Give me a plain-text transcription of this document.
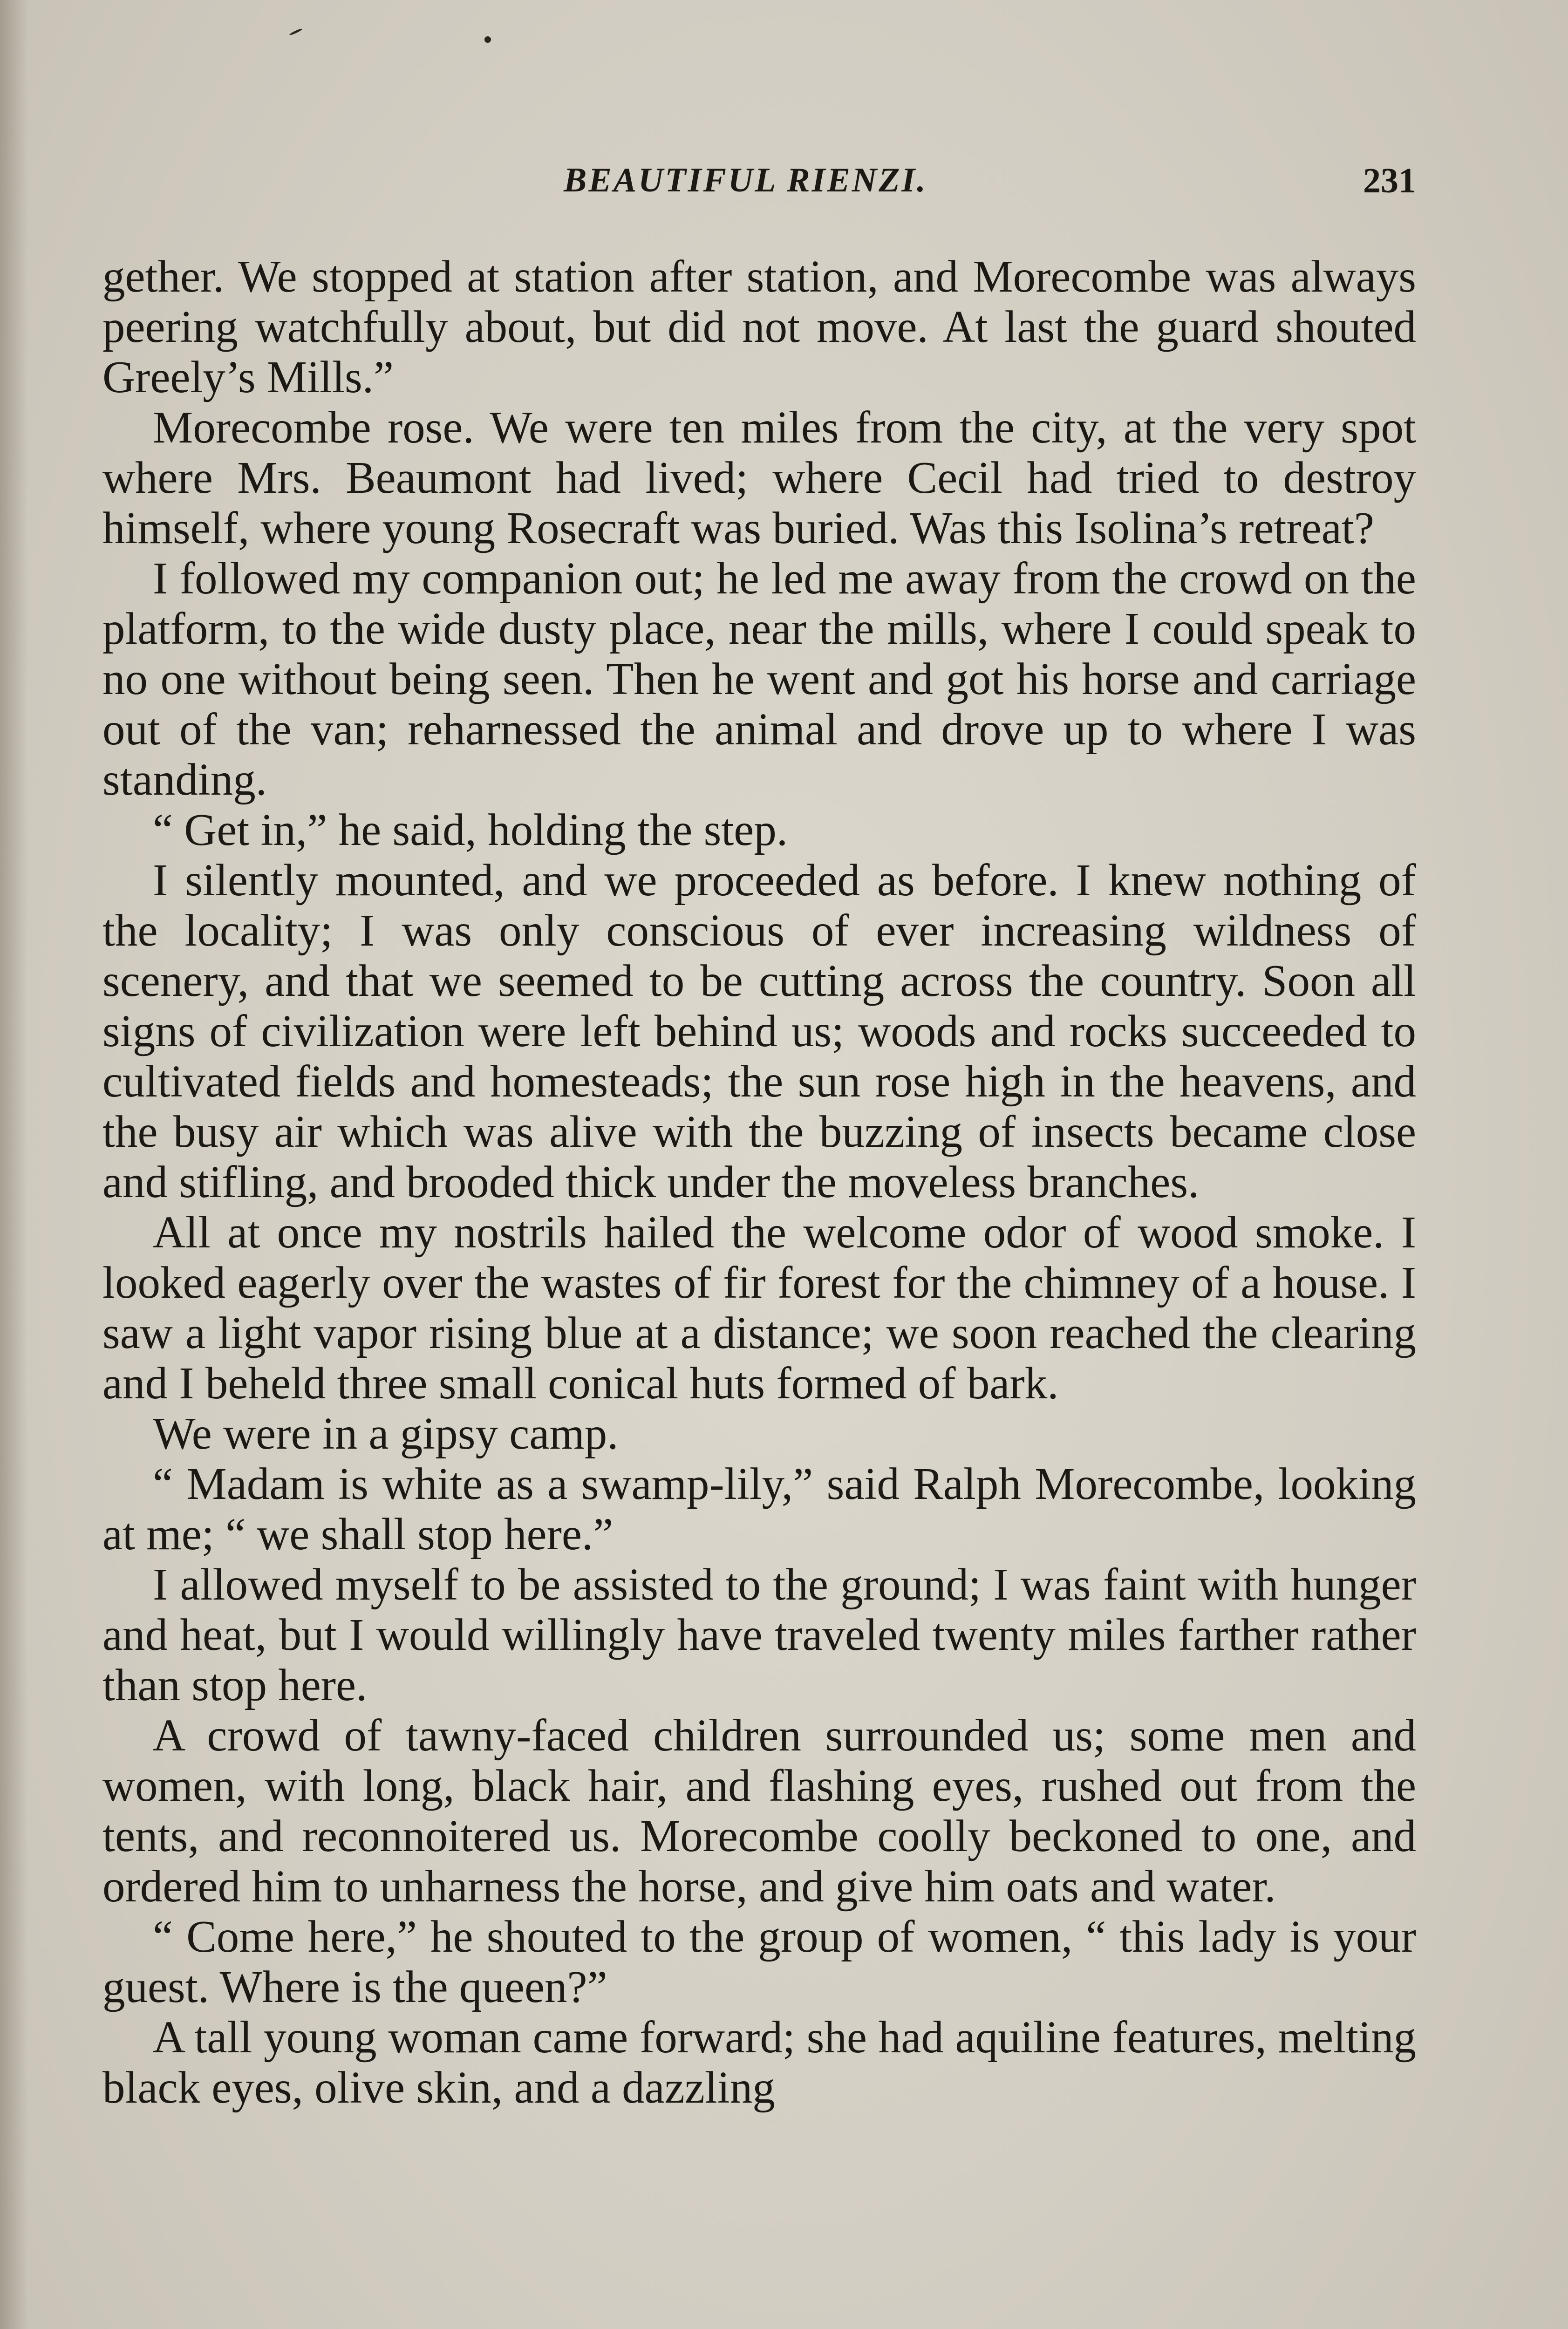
BEAUTIFUL RIENZI.	231

gether. We stopped at station after station, and Morecombe was always peering watchfully about, but did not move. At last the guard shouted Greely’s Mills.”

Morecombe rose. We were ten miles from the city, at the very spot where Mrs. Beaumont had lived; where Cecil had tried to destroy himself, where young Rosecraft was buried. Was this Isolina’s retreat?

I followed my companion out; he led me away from the crowd on the platform, to the wide dusty place, near the mills, where I could speak to no one without being seen. Then he went and got his horse and carriage out of the van; reharnessed the animal and drove up to where I was standing.

“ Get in,” he said, holding the step.

I silently mounted, and we proceeded as before. I knew nothing of the locality; I was only conscious of ever increasing wildness of scenery, and that we seemed to be cutting across the country. Soon all signs of civilization were left behind us; woods and rocks succeeded to cultivated fields and homesteads; the sun rose high in the heavens, and the busy air which was alive with the buzzing of insects became close and stifling, and brooded thick under the moveless branches.

All at once my nostrils hailed the welcome odor of wood smoke. I looked eagerly over the wastes of fir forest for the chimney of a house. I saw a light vapor rising blue at a distance; we soon reached the clearing and I beheld three small conical huts formed of bark.

We were in a gipsy camp.

“ Madam is white as a swamp-lily,” said Ralph Morecombe, looking at me; “ we shall stop here.”

I allowed myself to be assisted to the ground; I was faint with hunger and heat, but I would willingly have traveled twenty miles farther rather than stop here.

A crowd of tawny-faced children surrounded us; some men and women, with long, black hair, and flashing eyes, rushed out from the tents, and reconnoitered us. Morecombe coolly beckoned to one, and ordered him to unharness the horse, and give him oats and water.

“ Come here,” he shouted to the group of women, “ this lady is your guest. Where is the queen?”

A tall young woman came forward; she had aquiline features, melting black eyes, olive skin, and a dazzling
